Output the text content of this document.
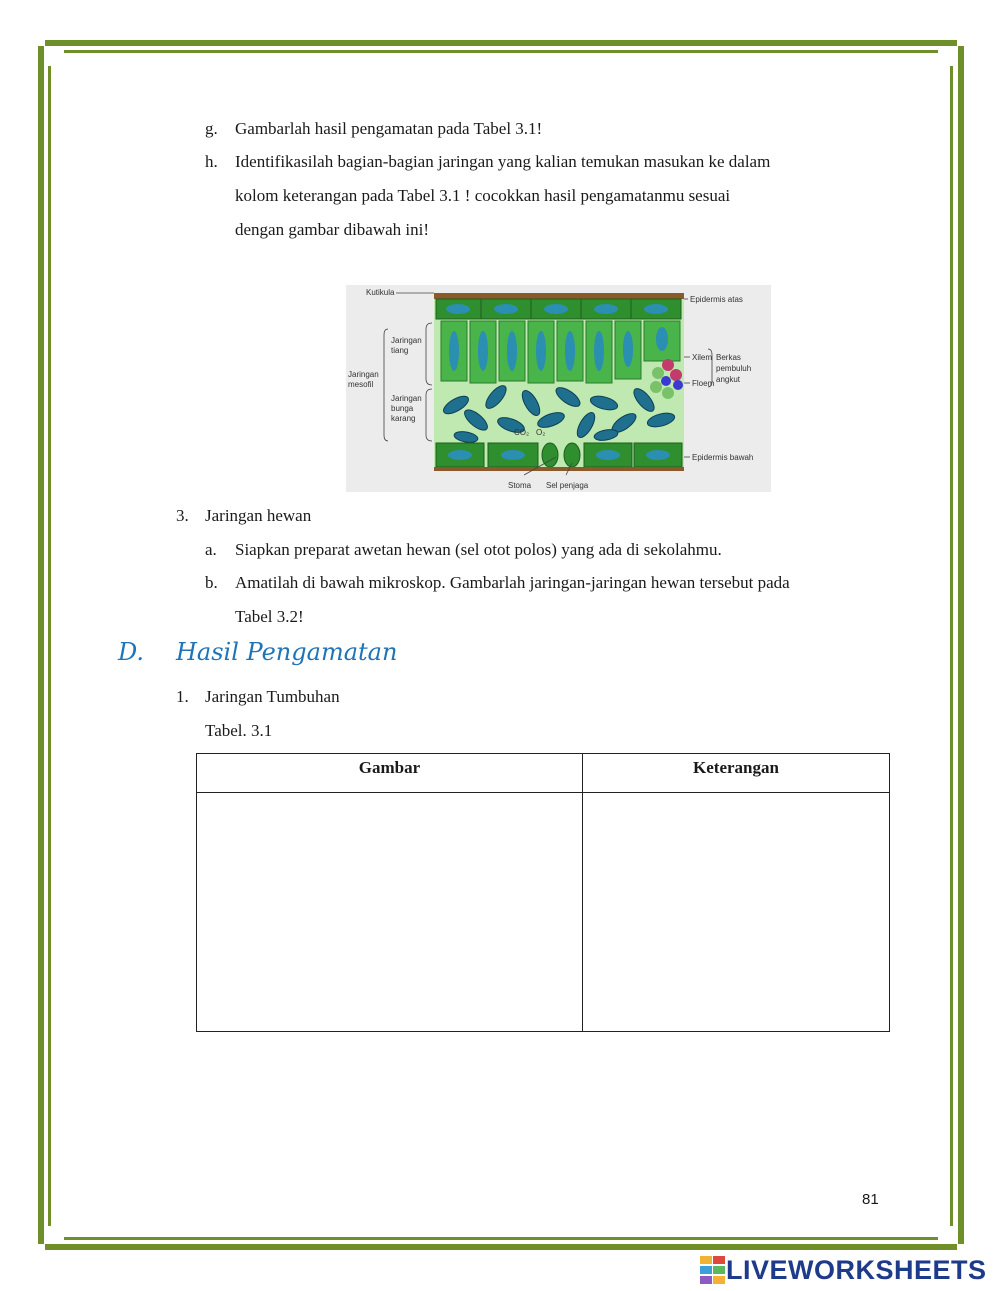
g. Gambarlah hasil pengamatan pada Tabel 3.1!
h. Identifikasilah bagian-bagian jaringan yang kalian temukan masukan ke dalam
kolom keterangan pada Tabel 3.1 ! cocokkan hasil pengamatanmu sesuai
dengan gambar dibawah ini!
Kutikula
Epidermis atas
Jaringan
tiang
Jaringan
mesofil
Jaringan
bunga
karang
Xilem
Floem
Berkas
pembuluh
angkut
Epidermis bawah
Stoma Sel penjaga
CO₂ O₂
3. Jaringan hewan
a. Siapkan preparat awetan hewan (sel otot polos) yang ada di sekolahmu.
b. Amatilah di bawah mikroskop. Gambarlah jaringan-jaringan hewan tersebut pada
Tabel 3.2!
D. Hasil Pengamatan
1. Jaringan Tumbuhan
Tabel. 3.1
Gambar	Keterangan

81
LIVEWORKSHEETS
